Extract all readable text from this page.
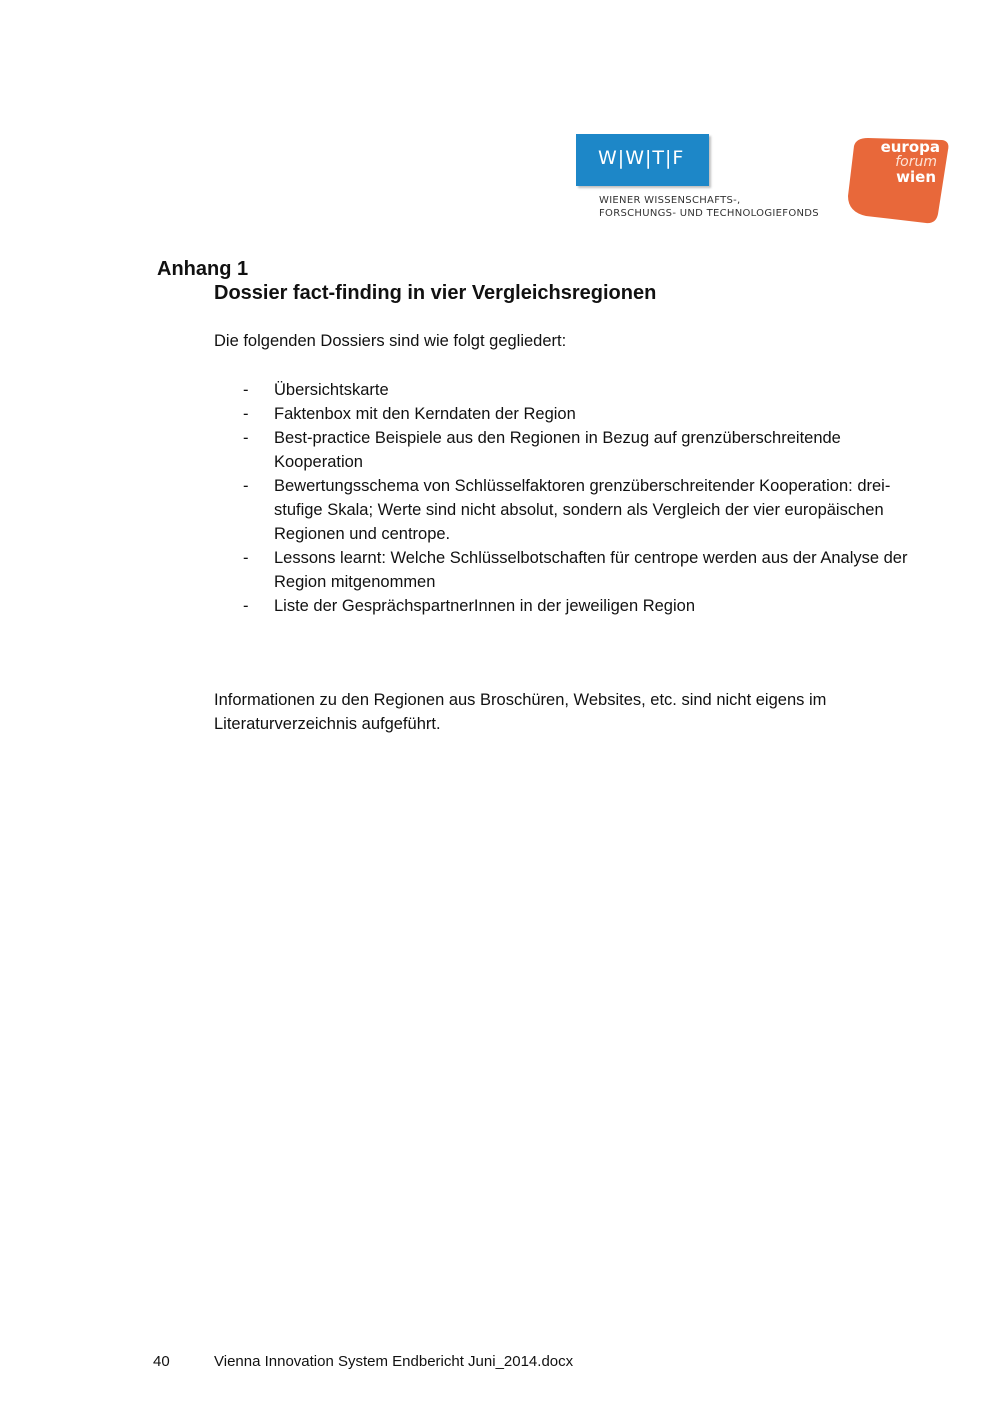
W|W|T|F
WIENER WISSENSCHAFTS-,
FORSCHUNGS- UND TECHNOLOGIEFONDS
europa
forum
wien
Anhang 1
Dossier fact-finding in vier Vergleichsregionen
Die folgenden Dossiers sind wie folgt gegliedert:
- Übersichtskarte
- Faktenbox mit den Kerndaten der Region
- Best-practice Beispiele aus den Regionen in Bezug auf grenzüberschreitende Kooperation
- Bewertungsschema von Schlüsselfaktoren grenzüberschreitender Kooperation: drei-stufige Skala; Werte sind nicht absolut, sondern als Vergleich der vier europäischen Regionen und centrope.
- Lessons learnt: Welche Schlüsselbotschaften für centrope werden aus der Analyse der Region mitgenommen
- Liste der GesprächspartnerInnen in der jeweiligen Region
Informationen zu den Regionen aus Broschüren, Websites, etc. sind nicht eigens im Literaturverzeichnis aufgeführt.
40	Vienna Innovation System Endbericht Juni_2014.docx
